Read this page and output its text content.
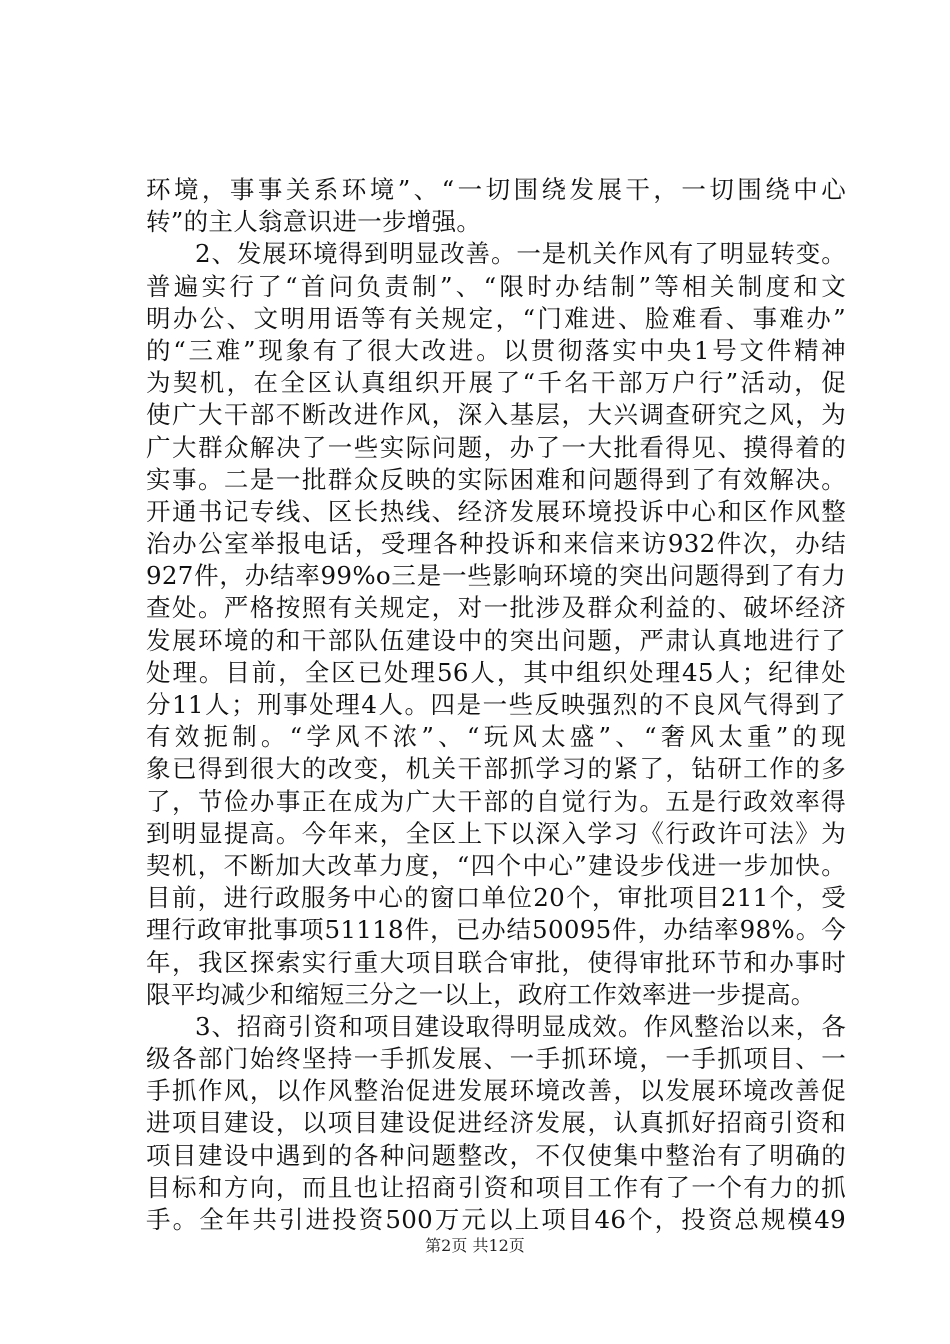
环境，事事关系环境”、“一切围绕发展干，一切围绕中心
转”的主人翁意识进一步增强。
2、发展环境得到明显改善。一是机关作风有了明显转变。
普遍实行了“首问负责制”、“限时办结制”等相关制度和文
明办公、文明用语等有关规定，“门难进、脸难看、事难办”
的“三难”现象有了很大改进。以贯彻落实中央1号文件精神
为契机，在全区认真组织开展了“千名干部万户行”活动，促
使广大干部不断改进作风，深入基层，大兴调查研究之风，为
广大群众解决了一些实际问题，办了一大批看得见、摸得着的
实事。二是一批群众反映的实际困难和问题得到了有效解决。
开通书记专线、区长热线、经济发展环境投诉中心和区作风整
治办公室举报电话，受理各种投诉和来信来访932件次，办结
927件，办结率99%o三是一些影响环境的突出问题得到了有力
查处。严格按照有关规定，对一批涉及群众利益的、破坏经济
发展环境的和干部队伍建设中的突出问题，严肃认真地进行了
处理。目前，全区已处理56人，其中组织处理45人；纪律处
分11人；刑事处理4人。四是一些反映强烈的不良风气得到了
有效扼制。“学风不浓”、“玩风太盛”、“奢风太重”的现
象已得到很大的改变，机关干部抓学习的紧了，钻研工作的多
了，节俭办事正在成为广大干部的自觉行为。五是行政效率得
到明显提高。今年来，全区上下以深入学习《行政许可法》为
契机，不断加大改革力度，“四个中心”建设步伐进一步加快。
目前，进行政服务中心的窗口单位20个，审批项目211个，受
理行政审批事项51118件，已办结50095件，办结率98%。今
年，我区探索实行重大项目联合审批，使得审批环节和办事时
限平均减少和缩短三分之一以上，政府工作效率进一步提高。
3、招商引资和项目建设取得明显成效。作风整治以来，各
级各部门始终坚持一手抓发展、一手抓环境，一手抓项目、一
手抓作风，以作风整治促进发展环境改善，以发展环境改善促
进项目建设，以项目建设促进经济发展，认真抓好招商引资和
项目建设中遇到的各种问题整改，不仅使集中整治有了明确的
目标和方向，而且也让招商引资和项目工作有了一个有力的抓
手。全年共引进投资500万元以上项目46个，投资总规模49
第2页 共12页
